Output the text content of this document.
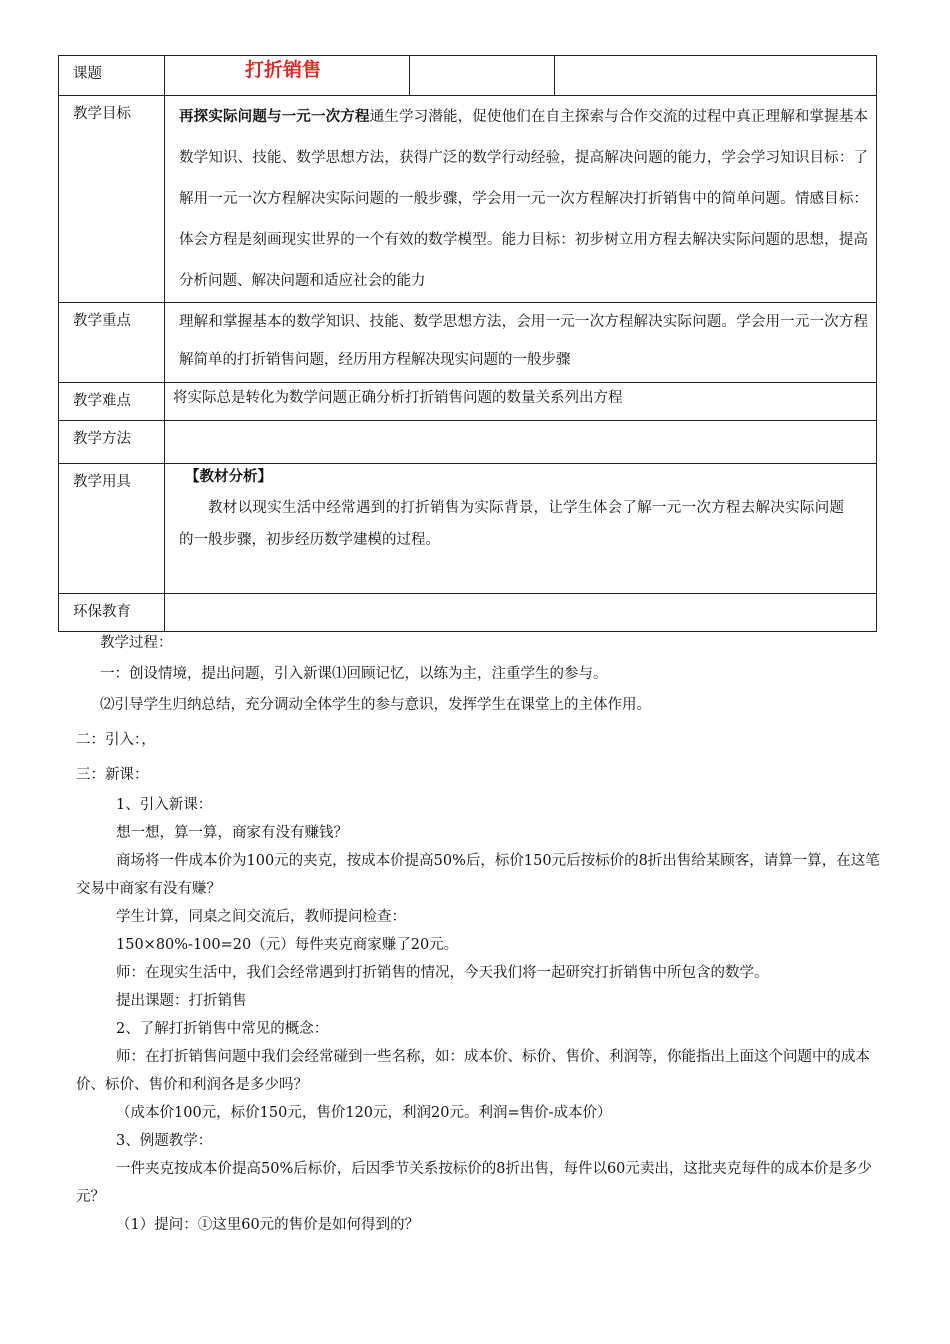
课题	打折销售		

教学目标	再探实际问题与一元一次方程通生学习潜能，促使他们在自主探索与合作交流的过程中真正理解和掌握基本数学知识、技能、数学思想方法，获得广泛的数学行动经验，提高解决问题的能力，学会学习知识目标：了解用一元一次方程解决实际问题的一般步骤，学会用一元一次方程解决打折销售中的简单问题。情感目标：体会方程是刻画现实世界的一个有效的数学模型。能力目标：初步树立用方程去解决实际问题的思想，提高分析问题、解决问题和适应社会的能力		
教学重点	理解和掌握基本的数学知识、技能、数学思想方法，会用一元一次方程解决实际问题。学会用一元一次方程解简单的打折销售问题，经历用方程解决现实问题的一般步骤		
教学难点	将实际总是转化为数学问题正确分析打折销售问题的数量关系列出方程		
教学方法			
教学用具	【教材分析】

教材以现实生活中经常遇到的打折销售为实际背景，让学生体会了解一元一次方程去解决实际问题的一般步骤，初步经历数学建模的过程。		

环保教育			

教学过程：

一：创设情境，提出问题，引入新课⑴回顾记忆，以练为主，注重学生的参与。

⑵引导学生归纳总结，充分调动全体学生的参与意识，发挥学生在课堂上的主体作用。

二：引入：，

三：新课：

1、引入新课：

想一想，算一算，商家有没有赚钱？

商场将一件成本价为100元的夹克，按成本价提高50%后，标价150元后按标价的8折出售给某顾客，请算一算，在这笔交易中商家有没有赚？

学生计算，同桌之间交流后，教师提问检查：

150×80%-100=20（元）每件夹克商家赚了20元。

师：在现实生活中，我们会经常遇到打折销售的情况，今天我们将一起研究打折销售中所包含的数学。

提出课题：打折销售

2、了解打折销售中常见的概念：

师：在打折销售问题中我们会经常碰到一些名称，如：成本价、标价、售价、利润等，你能指出上面这个问题中的成本价、标价、售价和利润各是多少吗？

（成本价100元，标价150元，售价120元，利润20元。利润=售价-成本价）

3、例题教学：

一件夹克按成本价提高50%后标价，后因季节关系按标价的8折出售，每件以60元卖出，这批夹克每件的成本价是多少元？

（1）提问：①这里60元的售价是如何得到的？
